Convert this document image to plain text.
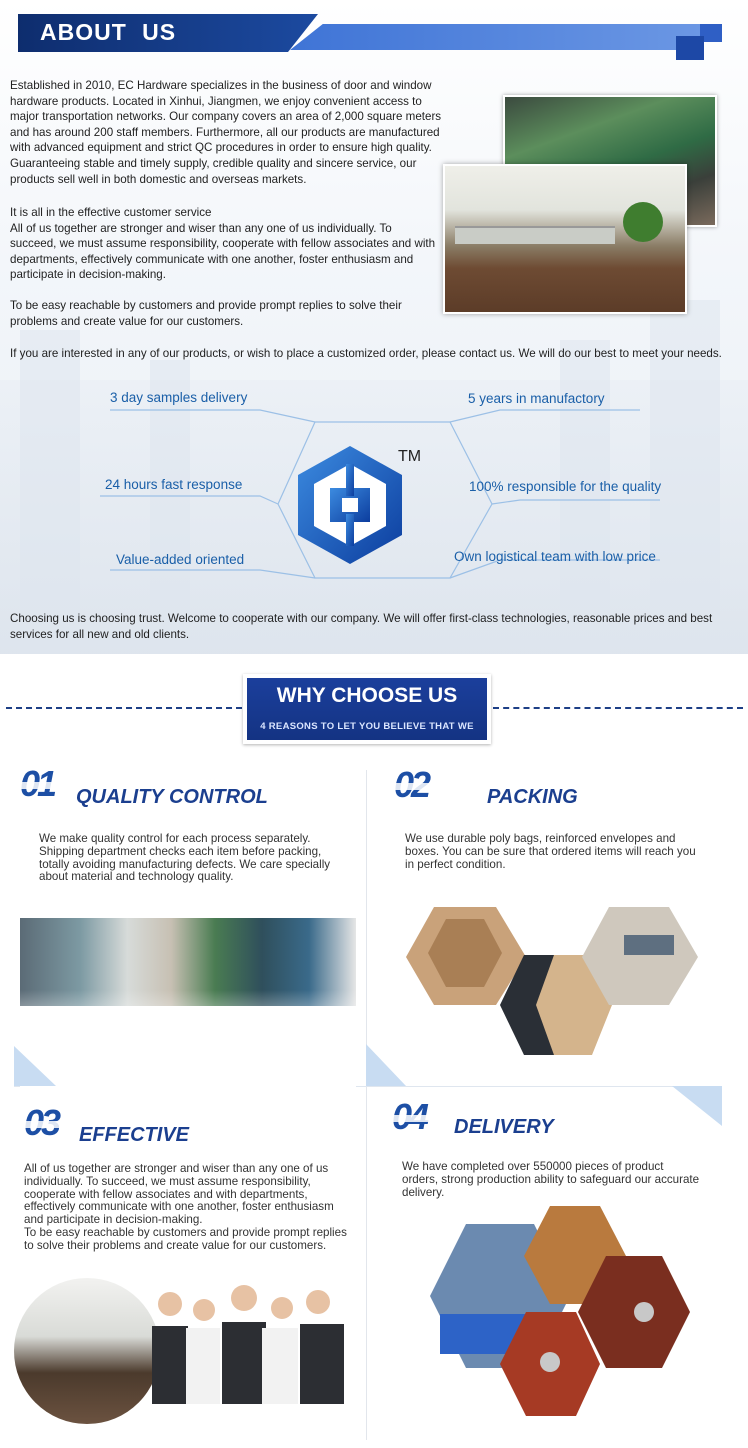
ABOUT US
Established in 2010, EC Hardware specializes in the business of door and window hardware products. Located in Xinhui, Jiangmen, we enjoy convenient access to major transportation networks. Our company covers an area of 2,000 square meters and has around 200 staff members. Furthermore, all our products are manufactured with advanced equipment and strict QC procedures in order to ensure high quality. Guaranteeing stable and timely supply, credible quality and sincere service, our products sell well in both domestic and overseas markets.
It is all in the effective customer service
All of us together are stronger and wiser than any one of us individually. To succeed, we must assume responsibility, cooperate with fellow associates and with departments, effectively communicate with one another, foster enthusiasm and participate in decision-making.
To be easy reachable by customers and provide prompt replies to solve their problems and create value for our customers.
If you are interested in any of our products, or wish to place a customized order, please contact us. We will do our best to meet your needs.
3 day samples delivery	5 years in manufactory
24 hours fast response	100% responsible for the quality
Value-added oriented	Own logistical team with low price
TM
Choosing us is choosing trust. Welcome to cooperate with our company. We will offer first-class technologies, reasonable prices and best services for all new and old clients.
WHY CHOOSE US
4 REASONS TO LET YOU BELIEVE THAT WE
QUALITY CONTROL
We make quality control for each process separately. Shipping department checks each item before packing, totally avoiding manufacturing defects. We care specially about material and technology quality.
PACKING
We use durable poly bags, reinforced envelopes and boxes. You can be sure that ordered items will reach you in perfect condition.
EFFECTIVE
All of us together are stronger and wiser than any one of us individually. To succeed, we must assume responsibility, cooperate with fellow associates and with departments, effectively communicate with one another, foster enthusiasm and participate in decision-making.
To be easy reachable by customers and provide prompt replies to solve their problems and create value for our customers.
DELIVERY
We have completed over 550000 pieces of product orders, strong production ability to safeguard our accurate delivery.
